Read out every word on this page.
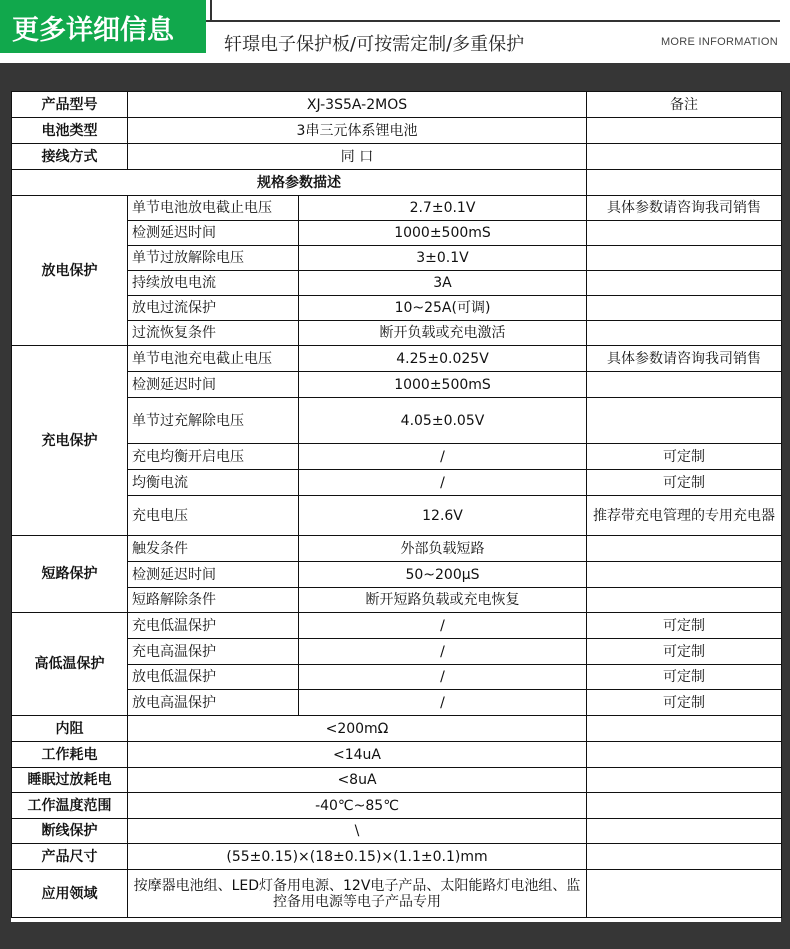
更多详细信息	轩璟电子保护板/可按需定制/多重保护	MORE INFORMATION
产品型号	XJ-3S5A-2MOS		备注
电池类型	3串三元体系锂电池		
接线方式	同 口		
规格参数描述			
放电保护	单节电池放电截止电压	2.7±0.1V	具体参数请咨询我司销售
	检测延迟时间	1000±500mS	
	单节过放解除电压	3±0.1V	
	持续放电电流	3A	
	放电过流保护	10~25A(可调)	
	过流恢复条件	断开负载或充电激活	
充电保护	单节电池充电截止电压	4.25±0.025V	具体参数请咨询我司销售
	检测延迟时间	1000±500mS	
	单节过充解除电压	4.05±0.05V	
	充电均衡开启电压	/	可定制
	均衡电流	/	可定制
	充电电压	12.6V	推荐带充电管理的专用充电器
短路保护	触发条件	外部负载短路	
	检测延迟时间	50~200μS	
	短路解除条件	断开短路负载或充电恢复	
高低温保护	充电低温保护	/	可定制
	充电高温保护	/	可定制
	放电低温保护	/	可定制
	放电高温保护	/	可定制
内阻	<200mΩ		
工作耗电	<14uA		
睡眠过放耗电	<8uA		
工作温度范围	-40℃~85℃		
断线保护	\		
产品尺寸	(55±0.15)×(18±0.15)×(1.1±0.1)mm		
应用领域	按摩器电池组、LED灯备用电源、12V电子产品、太阳能路灯电池组、监控备用电源等电子产品专用		
